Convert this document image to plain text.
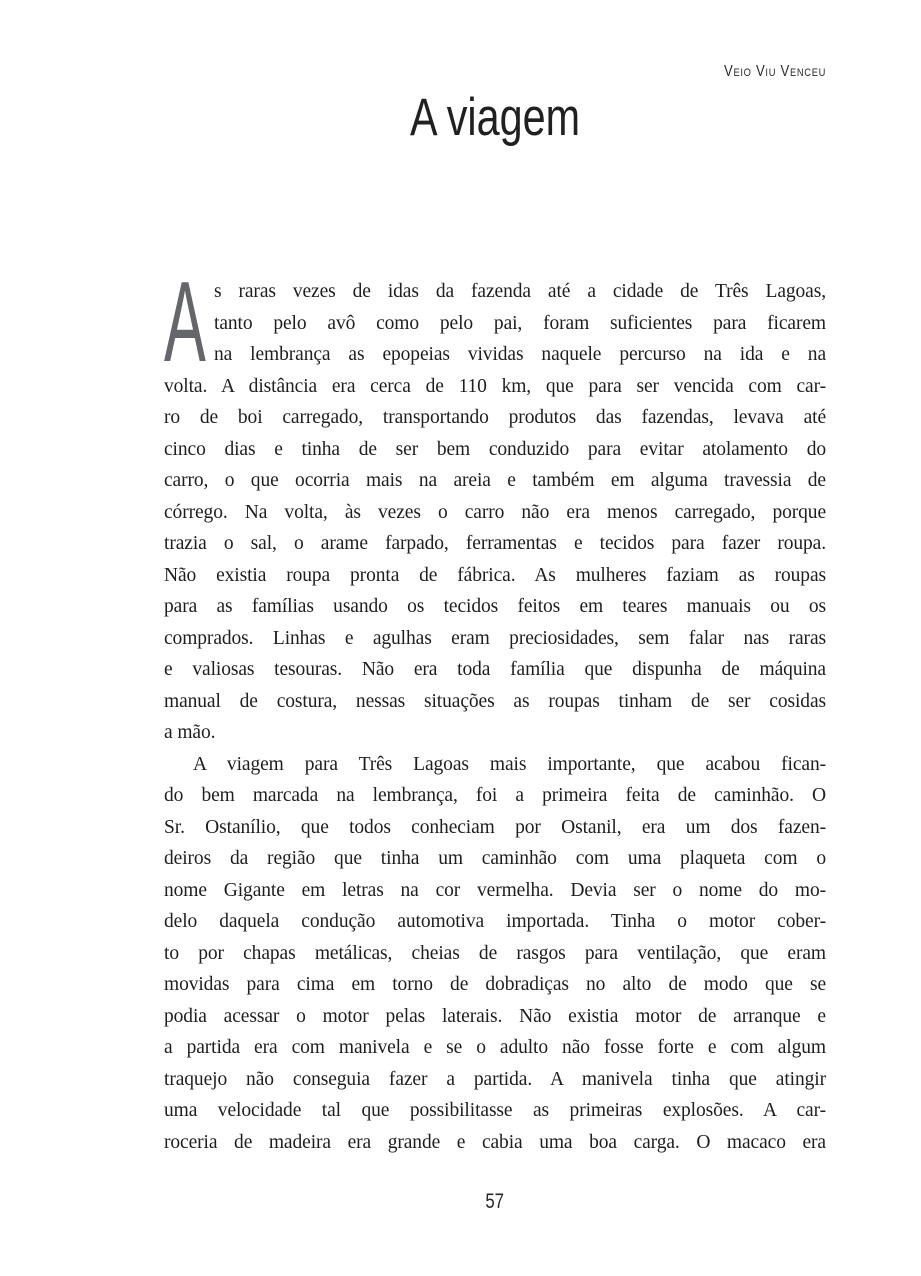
Veio Viu Venceu
A viagem
A s raras vezes de idas da fazenda até a cidade de Três Lagoas,
tanto pelo avô como pelo pai, foram suficientes para ficarem
na lembrança as epopeias vividas naquele percurso na ida e na
volta. A distância era cerca de 110 km, que para ser vencida com car-
ro de boi carregado, transportando produtos das fazendas, levava até
cinco dias e tinha de ser bem conduzido para evitar atolamento do
carro, o que ocorria mais na areia e também em alguma travessia de
córrego. Na volta, às vezes o carro não era menos carregado, porque
trazia o sal, o arame farpado, ferramentas e tecidos para fazer roupa.
Não existia roupa pronta de fábrica. As mulheres faziam as roupas
para as famílias usando os tecidos feitos em teares manuais ou os
comprados. Linhas e agulhas eram preciosidades, sem falar nas raras
e valiosas tesouras. Não era toda família que dispunha de máquina
manual de costura, nessas situações as roupas tinham de ser cosidas
a mão.
A viagem para Três Lagoas mais importante, que acabou fican-
do bem marcada na lembrança, foi a primeira feita de caminhão. O
Sr. Ostanílio, que todos conheciam por Ostanil, era um dos fazen-
deiros da região que tinha um caminhão com uma plaqueta com o
nome Gigante em letras na cor vermelha. Devia ser o nome do mo-
delo daquela condução automotiva importada. Tinha o motor cober-
to por chapas metálicas, cheias de rasgos para ventilação, que eram
movidas para cima em torno de dobradiças no alto de modo que se
podia acessar o motor pelas laterais. Não existia motor de arranque e
a partida era com manivela e se o adulto não fosse forte e com algum
traquejo não conseguia fazer a partida. A manivela tinha que atingir
uma velocidade tal que possibilitasse as primeiras explosões. A car-
roceria de madeira era grande e cabia uma boa carga. O macaco era
57
